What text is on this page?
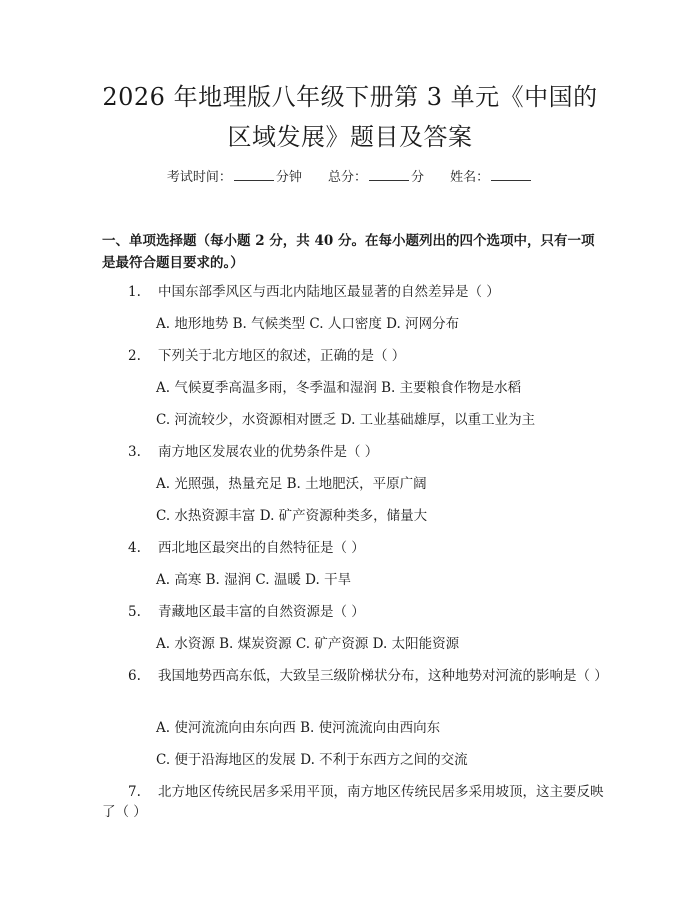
2026 年地理版八年级下册第 3 单元《中国的
区域发展》题目及答案
考试时间：	分钟 总分：	分 姓名：

一、单项选择题（每小题 2 分，共 40 分。在每小题列出的四个选项中，只有一项是最符合题目要求的。）

1. 中国东部季风区与西北内陆地区最显著的自然差异是（ ）

A. 地形地势 B. 气候类型 C. 人口密度 D. 河网分布

2. 下列关于北方地区的叙述，正确的是（ ）

A. 气候夏季高温多雨，冬季温和湿润 B. 主要粮食作物是水稻

C. 河流较少，水资源相对匮乏 D. 工业基础雄厚，以重工业为主

3. 南方地区发展农业的优势条件是（ ）

A. 光照强，热量充足 B. 土地肥沃，平原广阔

C. 水热资源丰富 D. 矿产资源种类多，储量大

4. 西北地区最突出的自然特征是（ ）

A. 高寒 B. 湿润 C. 温暖 D. 干旱

5. 青藏地区最丰富的自然资源是（ ）

A. 水资源 B. 煤炭资源 C. 矿产资源 D. 太阳能资源

6. 我国地势西高东低，大致呈三级阶梯状分布，这种地势对河流的影响是（ ）

A. 使河流流向由东向西 B. 使河流流向由西向东

C. 便于沿海地区的发展 D. 不利于东西方之间的交流

7. 北方地区传统民居多采用平顶，南方地区传统民居多采用坡顶，这主要反映了（ ）
